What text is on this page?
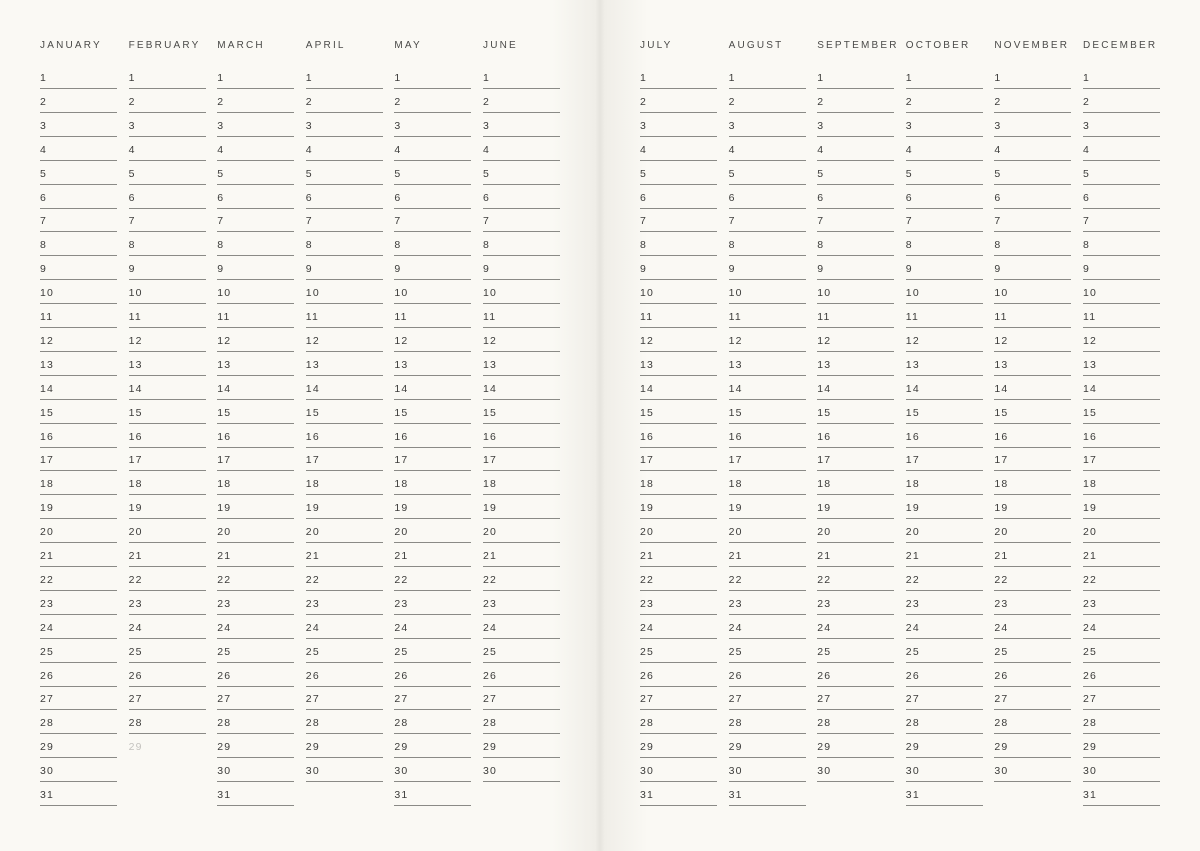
JANUARY
1
2
3
4
5
6
7
8
9
10
11
12
13
14
15
16
17
18
19
20
21
22
23
24
25
26
27
28
29
30
31
FEBRUARY
1
2
3
4
5
6
7
8
9
10
11
12
13
14
15
16
17
18
19
20
21
22
23
24
25
26
27
28
29
MARCH
1
2
3
4
5
6
7
8
9
10
11
12
13
14
15
16
17
18
19
20
21
22
23
24
25
26
27
28
29
30
31
APRIL
1
2
3
4
5
6
7
8
9
10
11
12
13
14
15
16
17
18
19
20
21
22
23
24
25
26
27
28
29
30
MAY
1
2
3
4
5
6
7
8
9
10
11
12
13
14
15
16
17
18
19
20
21
22
23
24
25
26
27
28
29
30
31
JUNE
1
2
3
4
5
6
7
8
9
10
11
12
13
14
15
16
17
18
19
20
21
22
23
24
25
26
27
28
29
30
JULY
1
2
3
4
5
6
7
8
9
10
11
12
13
14
15
16
17
18
19
20
21
22
23
24
25
26
27
28
29
30
31
AUGUST
1
2
3
4
5
6
7
8
9
10
11
12
13
14
15
16
17
18
19
20
21
22
23
24
25
26
27
28
29
30
31
SEPTEMBER
1
2
3
4
5
6
7
8
9
10
11
12
13
14
15
16
17
18
19
20
21
22
23
24
25
26
27
28
29
30
OCTOBER
1
2
3
4
5
6
7
8
9
10
11
12
13
14
15
16
17
18
19
20
21
22
23
24
25
26
27
28
29
30
31
NOVEMBER
1
2
3
4
5
6
7
8
9
10
11
12
13
14
15
16
17
18
19
20
21
22
23
24
25
26
27
28
29
30
DECEMBER
1
2
3
4
5
6
7
8
9
10
11
12
13
14
15
16
17
18
19
20
21
22
23
24
25
26
27
28
29
30
31
